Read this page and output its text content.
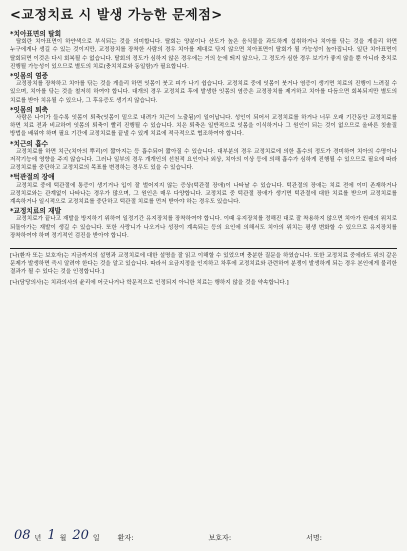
<교정치료 시 발생 가능한 문제점>
*치아표면의 탈회

탈회란 치아표면이 하얀색으로 부식되는 것을 의미합니다. 탈회는 양분이나 산도가 높은 음식물을 과도하게 섭취하거나 치아를 닦는 것을 게을리 하면 누구에게나 생길 수 있는 것이지만, 교정장치를 장착한 사람의 경우 치아를 제대로 닦지 않으면 치아표면이 탈회가 될 가능성이 높아집니다. 일단 치아표면이 탈회되면 이것은 다시 회복될 수 없습니다. 탈회의 정도가 심하지 않은 경우에는 거의 눈에 띄지 않으나, 그 정도가 심한 경우 보기가 좋지 않을 뿐 아니라 충치로 진행될 가능성이 있으므로 별도의 치료(충치치료와 동일함)가 필요합니다.

*잇몸의 염증

교정장치를 장착하고 치아를 닦는 것을 게을리 하면 잇몸이 붓고 피가 나기 쉽습니다. 교정치료 중에 잇몸이 붓거나 염증이 생기면 치료의 진행이 느려질 수 있으며, 치아를 닦는 것을 철저히 하여야 합니다. 대개의 경우 교정치료 후에 발생한 잇몸의 염증은 교정장치를 제거하고 치아를 다듬으면 회복되지만 별도의 치료를 받아 치유될 수 있으나, 그 후유증도 생기지 않습니다.

*잇몸의 퇴축

사람은 나이가 들수록 잇몸이 퇴축(잇몸이 밑으로 내려가 치근이 노출됨)이 일어납니다. 성인이 되어서 교정치료를 하거나 너무 오래 기간동안 교정치료를 하면 치료 전과 비교하여 잇몸의 퇴축이 빨리 진행될 수 있습니다. 치은 퇴축은 일반적으로 잇몸을 이식하거나 그 원인이 되는 것이 없으므로 올바른 칫솔질 방법을 배워야 하며 필요 기간에 교정치료를 끝낼 수 있게 치료에 적극적으로 협조하여야 합니다.

*치근의 흡수

교정치료를 하면 치근(치아의 뿌리)이 짧아지는 등 흡수되어 짧아질 수 있습니다. 대부분의 경우 교정치료에 의한 흡수의 정도가 경미하여 치아의 수명이나 저작기능에 영향을 주지 않습니다. 그러나 일부의 경우 개개인의 선천적 요인이나 외상, 치아의 이상 등에 의해 흡수가 심하게 진행될 수 있으므로 필요에 따라 교정치료를 중단하고 교정치료의 목표를 변경하는 경우도 있을 수 있습니다.

*턱관절의 장애

교정치료 중에 턱관절에 통증이 생기거나 입이 잘 벌어지지 않는 증상(턱관절 장애)이 나타날 수 있습니다. 턱관절의 장애는 치료 전에 이미 존재하거나 교정치료와는 관계없이 나타나는 경우가 많으며, 그 원인은 매우 다양합니다. 교정치료 중 턱관절 장애가 생기면 턱관절에 대한 치료를 받으며 교정치료를 계속하거나 일시적으로 교정치료를 중단하고 턱관절 치료를 먼저 받아야 하는 경우도 있습니다.

*교정치료의 재발

교정치료가 끝나고 재발을 방지하기 위하여 일정기간 유지장치를 장착하여야 합니다. 이때 유지장치를 정해진 대로 잘 착용하지 않으면 치아가 원래의 위치로 되돌아가는 재발이 생길 수 있습니다. 또한 사랑니가 나오거나 성장이 계속되는 등의 요인에 의해서도 치아의 위치는 평생 변화할 수 있으므로 유지장치를 장착하여야 하며 정기적인 검진을 받아야 합니다.

[나(환자 또는 보호자)는 지금까지의 설명과 교정치료에 대한 설명을 잘 읽고 이해할 수 있었으며 충분한 질문을 하였습니다. 또한 교정치료 중에라도 위의 같은 문제가 발생하면 즉시 알려야 한다는 것을 알고 있습니다. 따라서 요금지정을 인지하고 차후에 교정치료와 관련하여 분쟁이 발생하게 되는 경우 본인에게 불리한 결과가 될 수 있다는 것을 인정합니다.]

[나(담당의사)는 치과의사의 윤리에 어긋나거나 학문적으로 인정되지 아니한 치료는 행하지 않을 것을 약속합니다.]

08 년 1 월 20 일	환자:	보호자:	서명:
